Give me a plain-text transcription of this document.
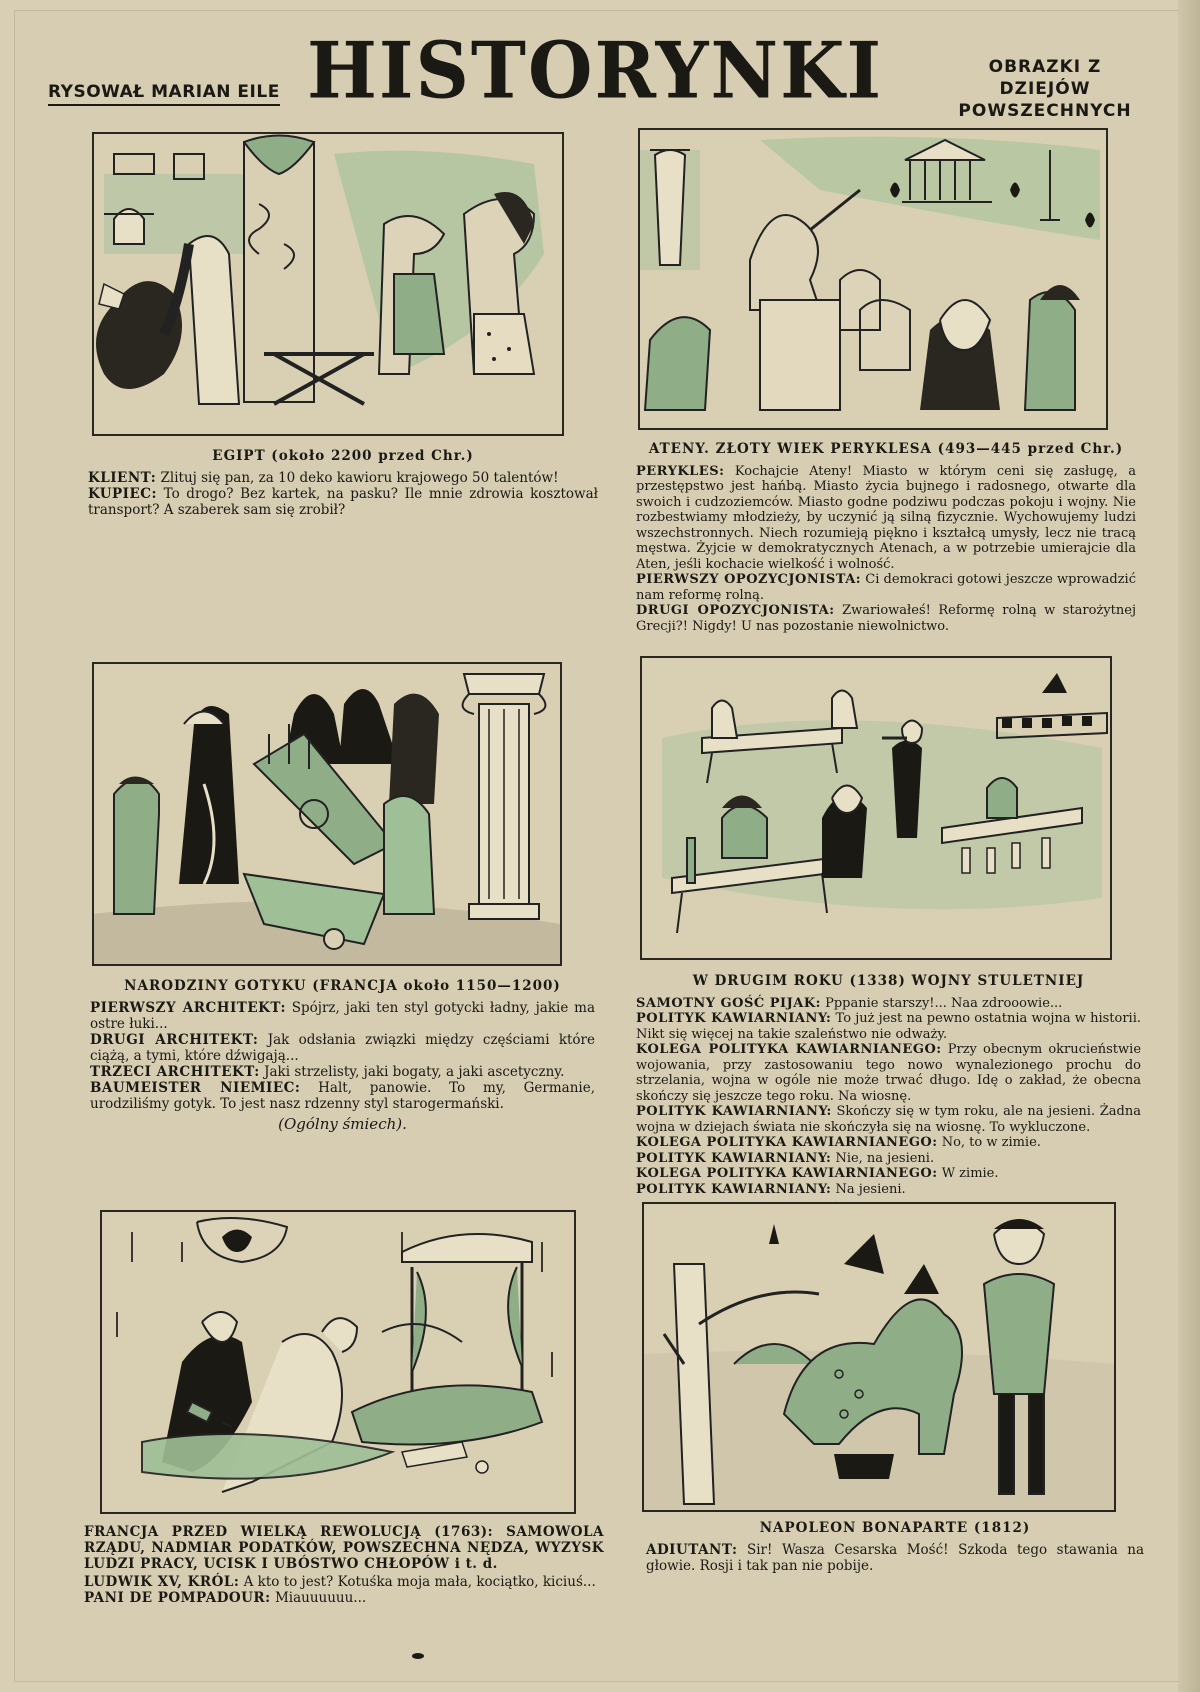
RYSOWAŁ MARIAN EILE HISTORYNKI	OBRAZKI Z DZIEJÓW
POWSZECHNYCH
EGIPT (około 2200 przed Chr.)

KLIENT: Zlituj się pan, za 10 deko kawioru krajowego 50 talentów!

KUPIEC: To drogo? Bez kartek, na pasku? Ile mnie zdrowia kosztował transport? A szaberek sam się zrobił?

ATENY. ZŁOTY WIEK PERYKLESA (493—445 przed Chr.)

PERYKLES: Kochajcie Ateny! Miasto w którym ceni się zasługę, a przestępstwo jest hańbą. Miasto życia bujnego i radosnego, otwarte dla swoich i cudzoziemców. Miasto godne podziwu podczas pokoju i wojny. Nie rozbestwiamy młodzieży, by uczynić ją silną fizycznie. Wychowujemy ludzi wszechstronnych. Niech rozumieją piękno i kształcą umysły, lecz nie tracą męstwa. Żyjcie w demokratycznych Atenach, a w potrzebie umierajcie dla Aten, jeśli kochacie wielkość i wolność.

PIERWSZY OPOZYCJONISTA: Ci demokraci gotowi jeszcze wprowadzić nam reformę rolną.

DRUGI OPOZYCJONISTA: Zwariowałeś! Reformę rolną w starożytnej Grecji?! Nigdy! U nas pozostanie niewolnictwo.

NARODZINY GOTYKU (FRANCJA około 1150—1200)

PIERWSZY ARCHITEKT: Spójrz, jaki ten styl gotycki ładny, jakie ma ostre łuki...

DRUGI ARCHITEKT: Jak odsłania związki między częściami które ciążą, a tymi, które dźwigają...

TRZECI ARCHITEKT: Jaki strzelisty, jaki bogaty, a jaki ascetyczny.

BAUMEISTER NIEMIEC: Halt, panowie. To my, Germanie, urodziliśmy gotyk. To jest nasz rdzenny styl starogermański.

(Ogólny śmiech).
W DRUGIM ROKU (1338) WOJNY STULETNIEJ

SAMOTNY GOŚĆ PIJAK: Pppanie starszy!... Naa zdrooowie...

POLITYK KAWIARNIANY: To już jest na pewno ostatnia wojna w historii. Nikt się więcej na takie szaleństwo nie odważy.

KOLEGA POLITYKA KAWIARNIANEGO: Przy obecnym okrucieństwie wojowania, przy zastosowaniu tego nowo wynalezionego prochu do strzelania, wojna w ogóle nie może trwać długo. Idę o zakład, że obecna skończy się jeszcze tego roku. Na wiosnę.

POLITYK KAWIARNIANY: Skończy się w tym roku, ale na jesieni. Żadna wojna w dziejach świata nie skończyła się na wiosnę. To wykluczone.

KOLEGA POLITYKA KAWIARNIANEGO: No, to w zimie.

POLITYK KAWIARNIANY: Nie, na jesieni.

KOLEGA POLITYKA KAWIARNIANEGO: W zimie.

POLITYK KAWIARNIANY: Na jesieni.

FRANCJA PRZED WIELKĄ REWOLUCJĄ (1763): SAMOWOLA RZĄDU, NADMIAR PODATKÓW, POWSZECHNA NĘDZA, WYZYSK LUDZI PRACY, UCISK I UBÓSTWO CHŁOPÓW i t. d.

LUDWIK XV, KRÓL: A kto to jest? Kotuśka moja mała, kociątko, kiciuś...

PANI DE POMPADOUR: Miauuuuuu...

NAPOLEON BONAPARTE (1812)

ADIUTANT: Sir! Wasza Cesarska Mość! Szkoda tego stawania na głowie. Rosji i tak pan nie pobije.
